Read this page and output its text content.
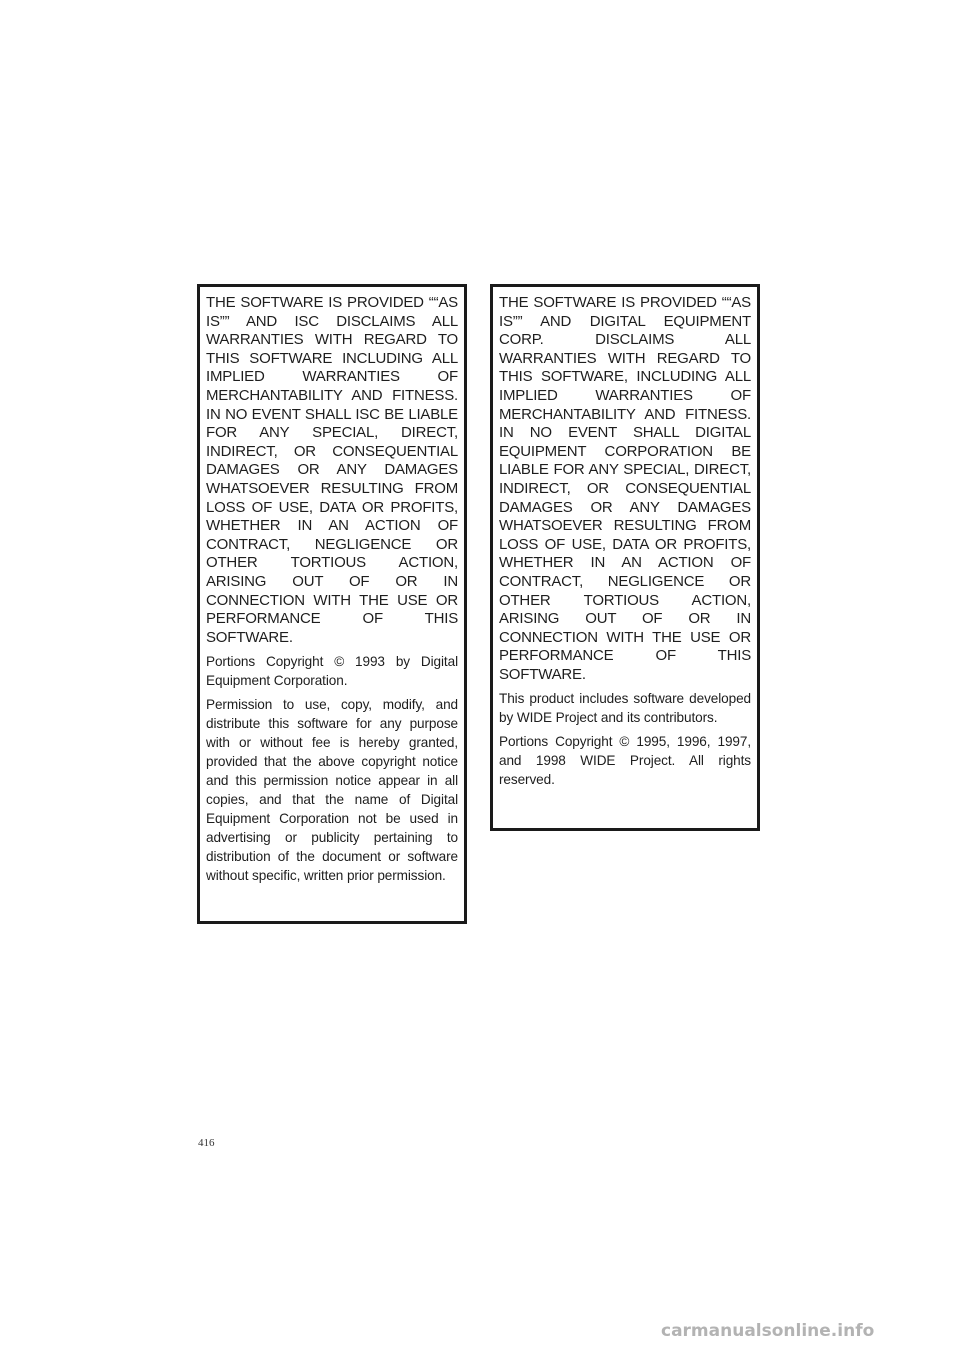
THE SOFTWARE IS PROVIDED ““AS IS”” AND ISC DISCLAIMS ALL WARRANTIES WITH REGARD TO THIS SOFTWARE INCLUDING ALL IMPLIED WARRANTIES OF MERCHANTABILITY AND FITNESS. IN NO EVENT SHALL ISC BE LIABLE FOR ANY SPECIAL, DIRECT, INDIRECT, OR CONSEQUENTIAL DAMAGES OR ANY DAMAGES WHATSOEVER RESULTING FROM LOSS OF USE, DATA OR PROFITS, WHETHER IN AN ACTION OF CONTRACT, NEGLIGENCE OR OTHER TORTIOUS ACTION, ARISING OUT OF OR IN CONNECTION WITH THE USE OR PERFORMANCE OF THIS SOFTWARE.

Portions Copyright © 1993 by Digital Equipment Corporation.

Permission to use, copy, modify, and distribute this software for any purpose with or without fee is hereby granted, provided that the above copyright notice and this permission notice appear in all copies, and that the name of Digital Equipment Corporation not be used in advertising or publicity pertaining to distribution of the document or software without specific, written prior permission.

THE SOFTWARE IS PROVIDED ““AS IS”” AND DIGITAL EQUIPMENT CORP. DISCLAIMS ALL WARRANTIES WITH REGARD TO THIS SOFTWARE, INCLUDING ALL IMPLIED WARRANTIES OF MERCHANTABILITY AND FITNESS. IN NO EVENT SHALL DIGITAL EQUIPMENT CORPORATION BE LIABLE FOR ANY SPECIAL, DIRECT, INDIRECT, OR CONSEQUENTIAL DAMAGES OR ANY DAMAGES WHATSOEVER RESULTING FROM LOSS OF USE, DATA OR PROFITS, WHETHER IN AN ACTION OF CONTRACT, NEGLIGENCE OR OTHER TORTIOUS ACTION, ARISING OUT OF OR IN CONNECTION WITH THE USE OR PERFORMANCE OF THIS SOFTWARE.

This product includes software developed by WIDE Project and its contributors.

Portions Copyright © 1995, 1996, 1997, and 1998 WIDE Project. All rights reserved.

416
carmanualsonline.info
